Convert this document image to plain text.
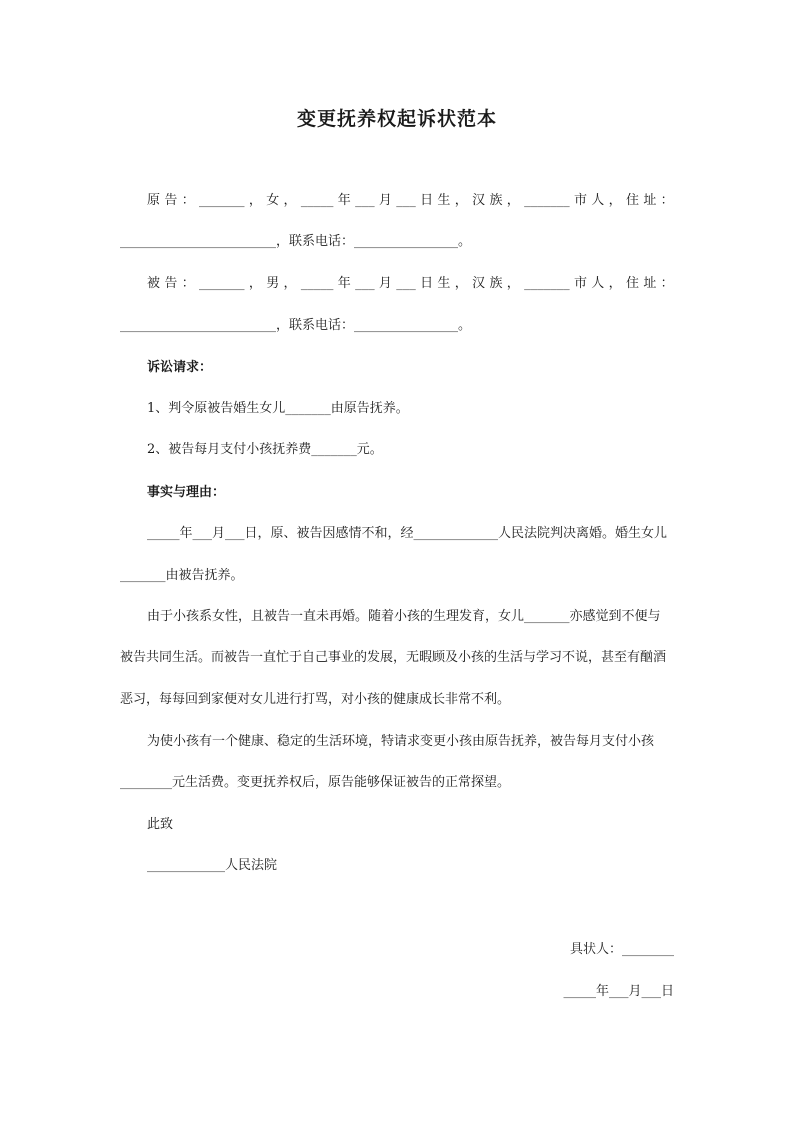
变更抚养权起诉状范本
原 告 ： _______ ， 女 ， _____ 年 ___ 月 ___ 日 生 ， 汉 族 ， _______ 市 人 ， 住 址 ：
________________________，联系电话：________________。
被 告 ： _______ ， 男 ， _____ 年 ___ 月 ___ 日 生 ， 汉 族 ， _______ 市 人 ， 住 址 ：
________________________，联系电话：________________。
诉讼请求：
1、判令原被告婚生女儿_______由原告抚养。
2、被告每月支付小孩抚养费_______元。
事实与理由：
_____年___月___日，原、被告因感情不和，经_____________人民法院判决离婚。婚生女儿
_______由被告抚养。
由于小孩系女性，且被告一直未再婚。随着小孩的生理发育，女儿_______亦感觉到不便与
被告共同生活。而被告一直忙于自己事业的发展，无暇顾及小孩的生活与学习不说，甚至有酗酒
恶习，每每回到家便对女儿进行打骂，对小孩的健康成长非常不利。
为使小孩有一个健康、稳定的生活环境，特请求变更小孩由原告抚养，被告每月支付小孩
________元生活费。变更抚养权后，原告能够保证被告的正常探望。
此致
____________人民法院
具状人：________
_____年___月___日
